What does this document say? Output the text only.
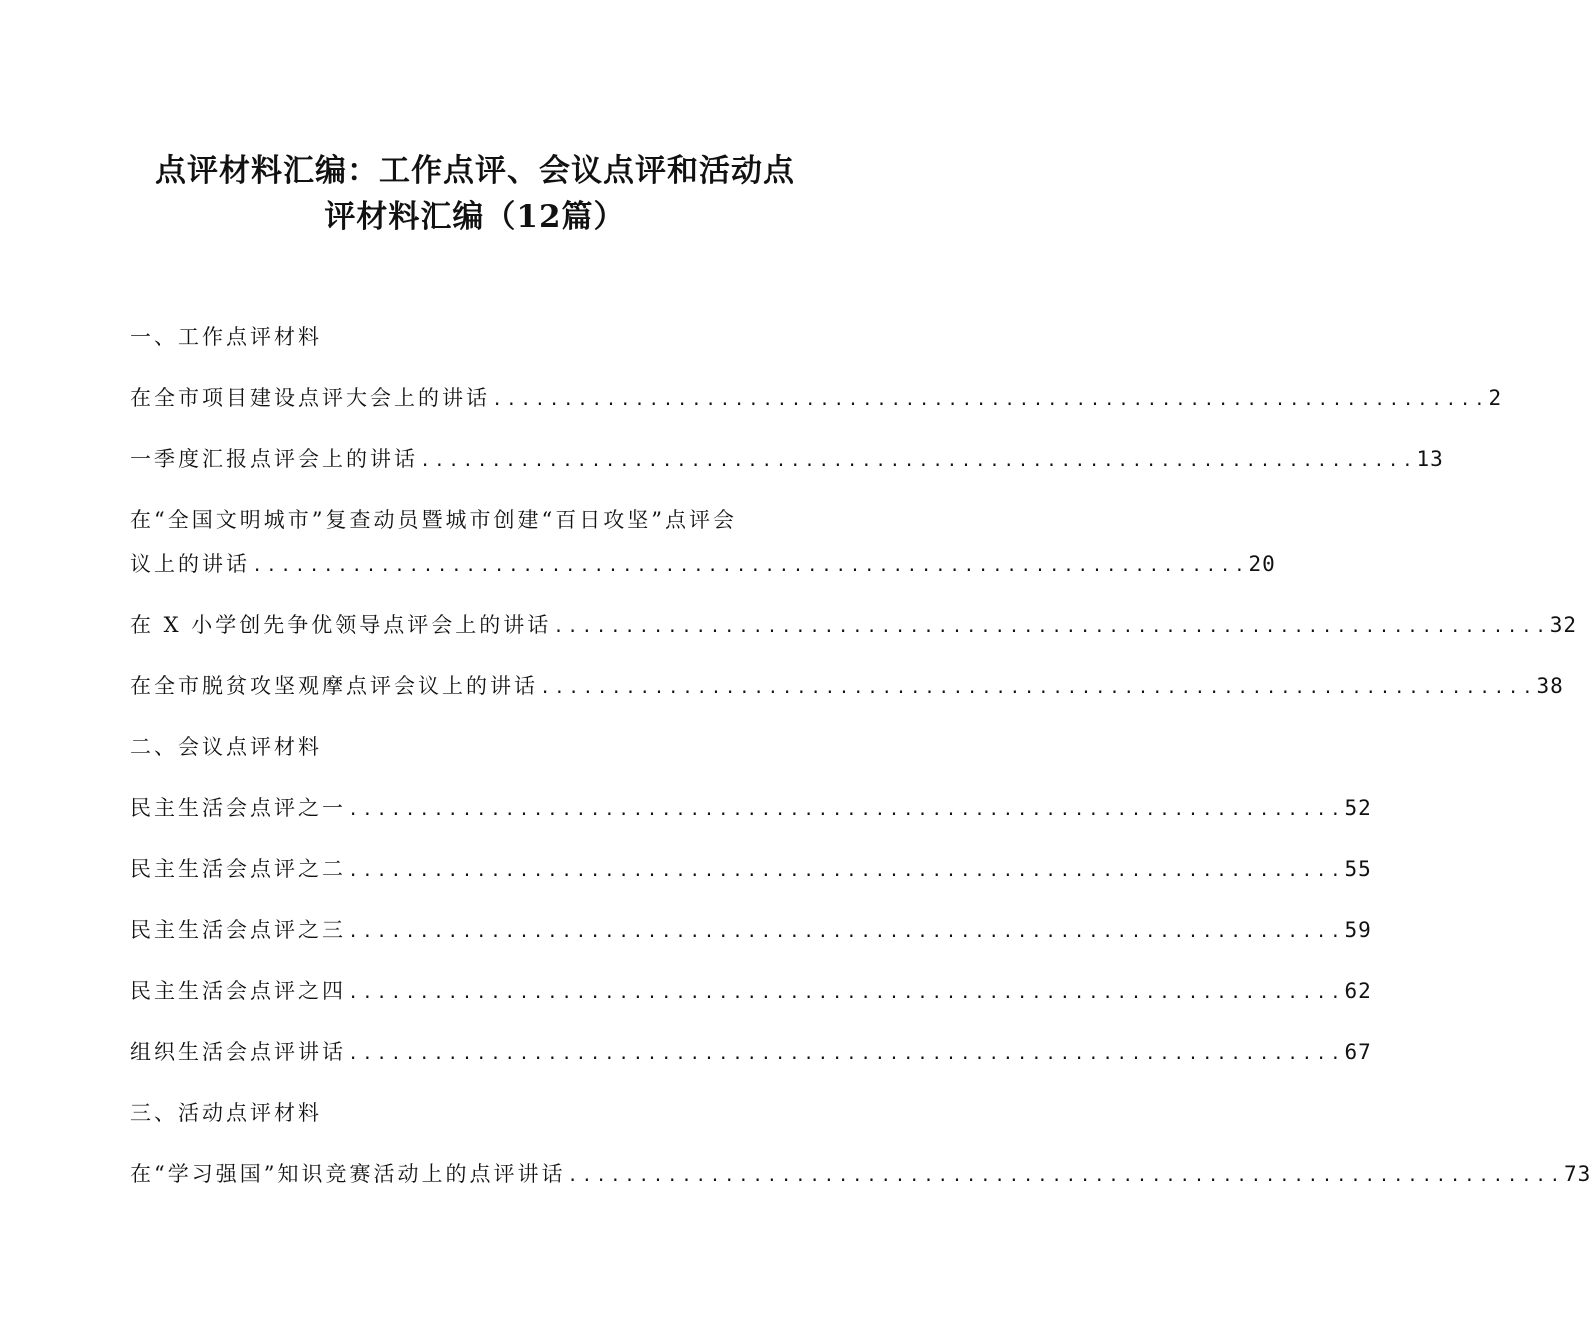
点评材料汇编：工作点评、会议点评和活动点
评材料汇编（12篇）
一、工作点评材料
在全市项目建设点评大会上的讲话 ...................................................................... 2
一季度汇报点评会上的讲话 ...................................................................... 13
在“全国文明城市”复查动员暨城市创建“百日攻坚”点评会
议上的讲话 ...................................................................... 20
在 X 小学创先争优领导点评会上的讲话 ...................................................................... 32
在全市脱贫攻坚观摩点评会议上的讲话 ...................................................................... 38
二、会议点评材料
民主生活会点评之一 ...................................................................... 52
民主生活会点评之二 ...................................................................... 55
民主生活会点评之三 ...................................................................... 59
民主生活会点评之四 ...................................................................... 62
组织生活会点评讲话 ...................................................................... 67
三、活动点评材料
在“学习强国”知识竞赛活动上的点评讲话 ...................................................................... 73
